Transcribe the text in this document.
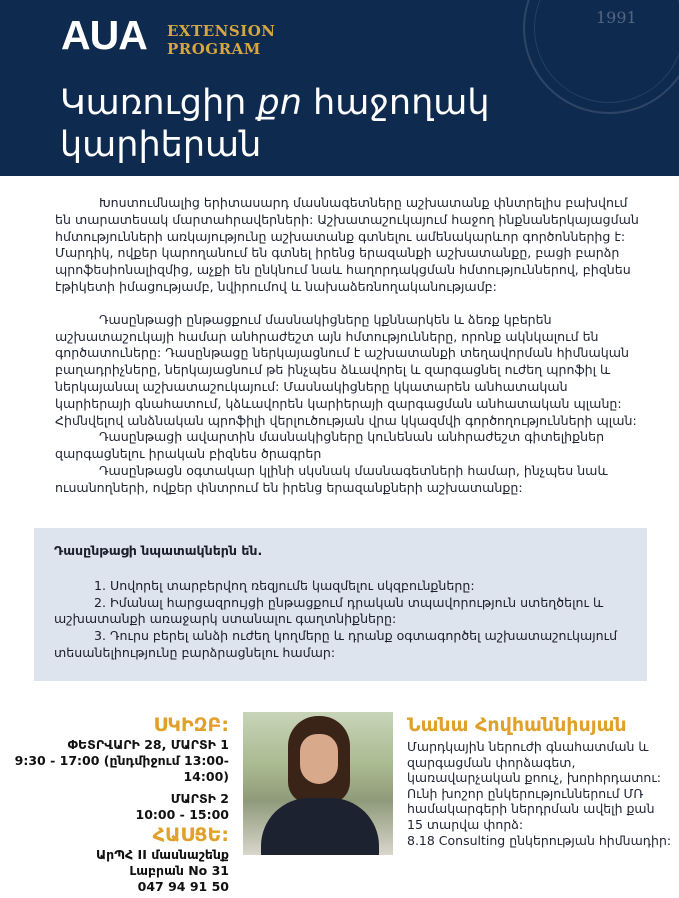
1991
AUA EXTENSION
PROGRAM
Կառուցիր քո հաջողակ կարիերան

Խոստումնալից երիտասարդ մասնագետները աշխատանք փնտրելիս բախվում են տարատեսակ մարտահրավերների: Աշխատաշուկայում հաջող ինքնաներկայացման հմտությունների առկայությունը աշխատանք գտնելու ամենակարևոր գործոններից է: Մարդիկ, ովքեր կարողանում են գտնել իրենց երազանքի աշխատանքը, բացի բարձր պրոֆեսիոնալիզմից, աչքի են ընկնում նաև հաղորդակցման հմտություններով, բիզնես էթիկետի իմացությամբ, նվիրումով և նախաձեռնողականությամբ:

Դասընթացի ընթացքում մասնակիցները կքննարկեն և ձեռք կբերեն աշխատաշուկայի համար անհրաժեշտ այն հմտությունները, որոնք ակնկալում են գործատուները: Դասընթացը ներկայացնում է աշխատանքի տեղավորման հիմնական բաղադրիչները, ներկայացնում թե ինչպես ձևավորել և զարգացնել ուժեղ պրոֆիլ և ներկայանալ աշխատաշուկայում: Մասնակիցները կկատարեն անհատական կարիերայի գնահատում, կձևավորեն կարիերայի զարգացման անհատական պլանը: Հիմնվելով անձնական պրոֆիլի վերլուծության վրա կկազմվի գործողությունների պլան:

Դասընթացի ավարտին մասնակիցները կունենան անհրաժեշտ գիտելիքներ զարգացնելու իրական բիզնես ծրագրեր

Դասընթացն օգտակար կլինի սկսնակ մասնագետների համար, ինչպես նաև ուսանողների, ովքեր փնտրում են իրենց երազանքների աշխատանքը:

Դասընթացի նպատակներն են.

1. Սովորել տարբերվող ռեզյումե կազմելու սկզբունքները:
2. Իմանալ հարցազրույցի ընթացքում դրական տպավորություն ստեղծելու և աշխատանքի առաջարկ ստանալու գաղտնիքները:
3. Դուրս բերել անձի ուժեղ կողմերը և դրանք օգտագործել աշխատաշուկայում տեսանելիությունը բարձրացնելու համար:
ՍԿԻԶԲ:
ՓԵՏՐՎԱՐԻ 28, ՄԱՐՏԻ 1
9:30 - 17:00 (ընդմիջում 13:00-14:00)
ՄԱՐՏԻ 2
10:00 - 15:00
ՀԱՍՑԵ:
ԱրՊՀ II մասնաշենք
Լաբրան No 31
047 94 91 50
Նանա Հովհաննիսյան
Մարդկային ներուժի գնահատման և զարգացման փորձագետ,
կառավարչական քոուչ, խորհրդատու:
Ունի խոշոր ընկերություններում ՄՌ համակարգերի ներդրման ավելի քան 15 տարվա փորձ:
8.18 Consulting ընկերության հիմնադիր:
